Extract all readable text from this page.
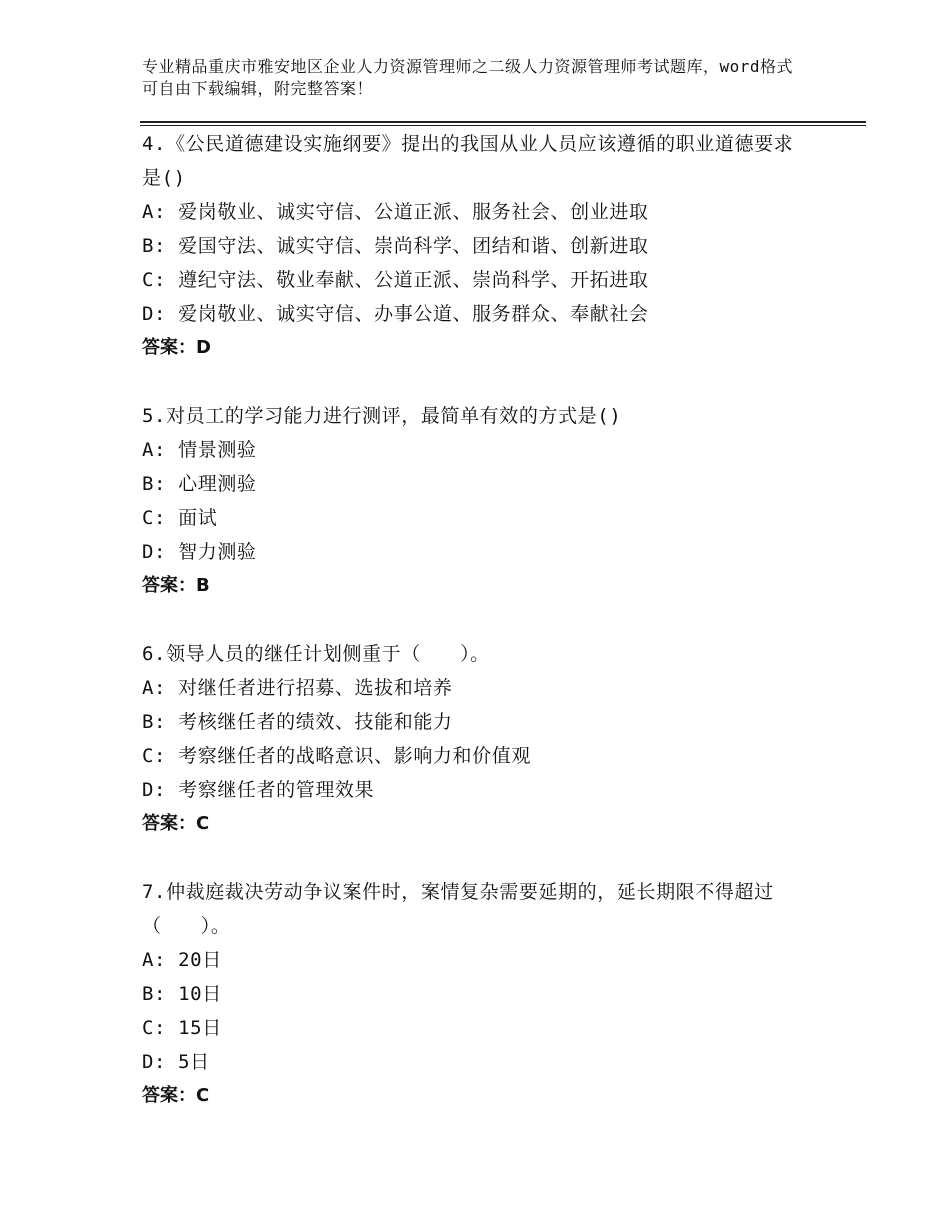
专业精品重庆市雅安地区企业人力资源管理师之二级人力资源管理师考试题库，word格式可自由下载编辑，附完整答案！
4.《公民道德建设实施纲要》提出的我国从业人员应该遵循的职业道德要求是()
A: 爱岗敬业、诚实守信、公道正派、服务社会、创业进取
B: 爱国守法、诚实守信、崇尚科学、团结和谐、创新进取
C: 遵纪守法、敬业奉献、公道正派、崇尚科学、开拓进取
D: 爱岗敬业、诚实守信、办事公道、服务群众、奉献社会
答案：D
5.对员工的学习能力进行测评，最简单有效的方式是()
A: 情景测验
B: 心理测验
C: 面试
D: 智力测验
答案：B
6.领导人员的继任计划侧重于（　　）。
A: 对继任者进行招募、选拔和培养
B: 考核继任者的绩效、技能和能力
C: 考察继任者的战略意识、影响力和价值观
D: 考察继任者的管理效果
答案：C
7.仲裁庭裁决劳动争议案件时，案情复杂需要延期的，延长期限不得超过（　　）。
A: 20日
B: 10日
C: 15日
D: 5日
答案：C
